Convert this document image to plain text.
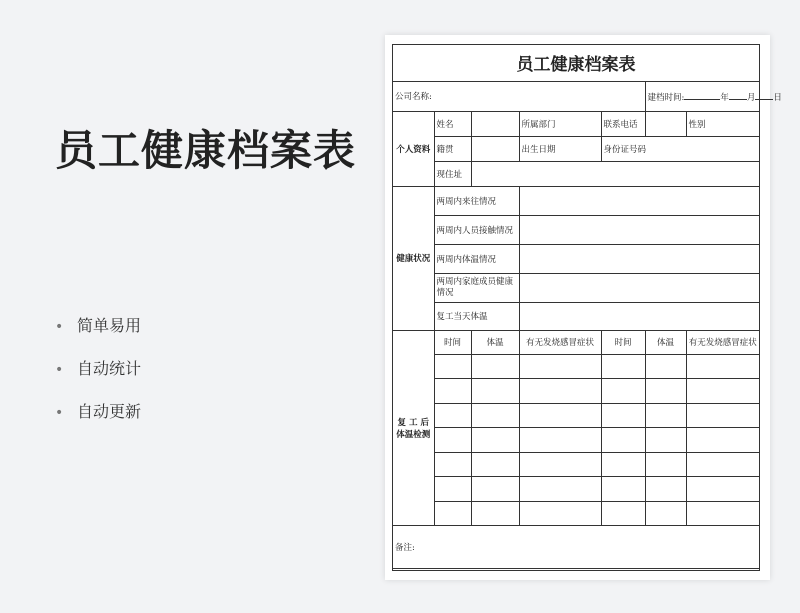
员工健康档案表
• 简单易用
• 自动统计
• 自动更新
员工健康档案表						
公司名称:					建档时间: 年 月 日	
个人资料	姓名		所属部门	联系电话		性别
	籍贯		出生日期	身份证号码		
	现住址					
健康状况	两周内来往情况					
	两周内人员接触情况					
	两周内体温情况					
	两周内家庭成员健康情况					
	复工当天体温					
复 工 后 体温检测	时间	体温	有无发烧感冒症状	时间	体温	有无发烧感冒症状

备注:						
